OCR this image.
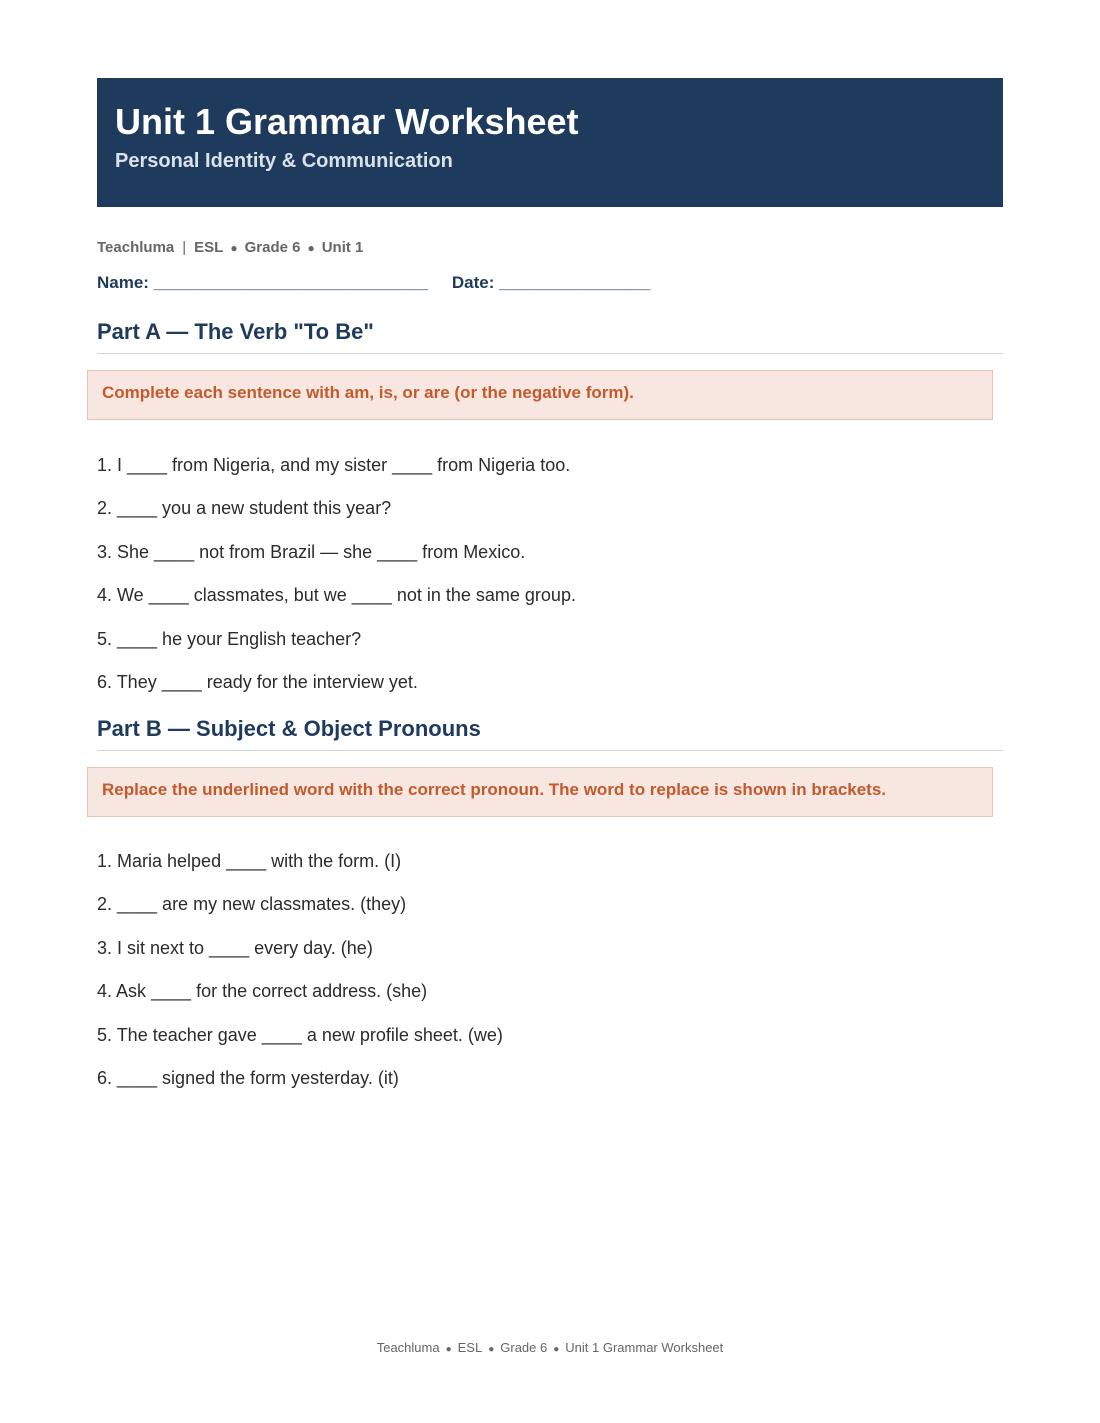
Unit 1 Grammar Worksheet
Personal Identity & Communication
Teachluma | ESL ● Grade 6 ● Unit 1
Name: _____________________________ Date: ________________
Part A — The Verb "To Be"
Complete each sentence with am, is, or are (or the negative form).
1. I ____ from Nigeria, and my sister ____ from Nigeria too.
2. ____ you a new student this year?
3. She ____ not from Brazil — she ____ from Mexico.
4. We ____ classmates, but we ____ not in the same group.
5. ____ he your English teacher?
6. They ____ ready for the interview yet.
Part B — Subject & Object Pronouns
Replace the underlined word with the correct pronoun. The word to replace is shown in brackets.
1. Maria helped ____ with the form. (I)
2. ____ are my new classmates. (they)
3. I sit next to ____ every day. (he)
4. Ask ____ for the correct address. (she)
5. The teacher gave ____ a new profile sheet. (we)
6. ____ signed the form yesterday. (it)
Teachluma ● ESL ● Grade 6 ● Unit 1 Grammar Worksheet
